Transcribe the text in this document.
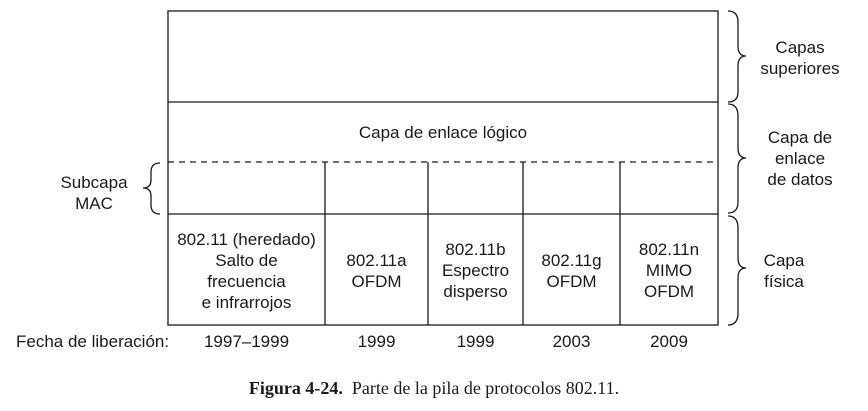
Capa de enlace lógico
802.11 (heredado)
Salto de
frecuencia
e infrarrojos
802.11a
OFDM
802.11b
Espectro
disperso
802.11g
OFDM
802.11n
MIMO
OFDM
Capas
superiores
Capa de
enlace
de datos
Capa
física
Subcapa
MAC
Fecha de liberación:	1997–1999	1999	1999	2003	2009
Figura 4-24. Parte de la pila de protocolos 802.11.
